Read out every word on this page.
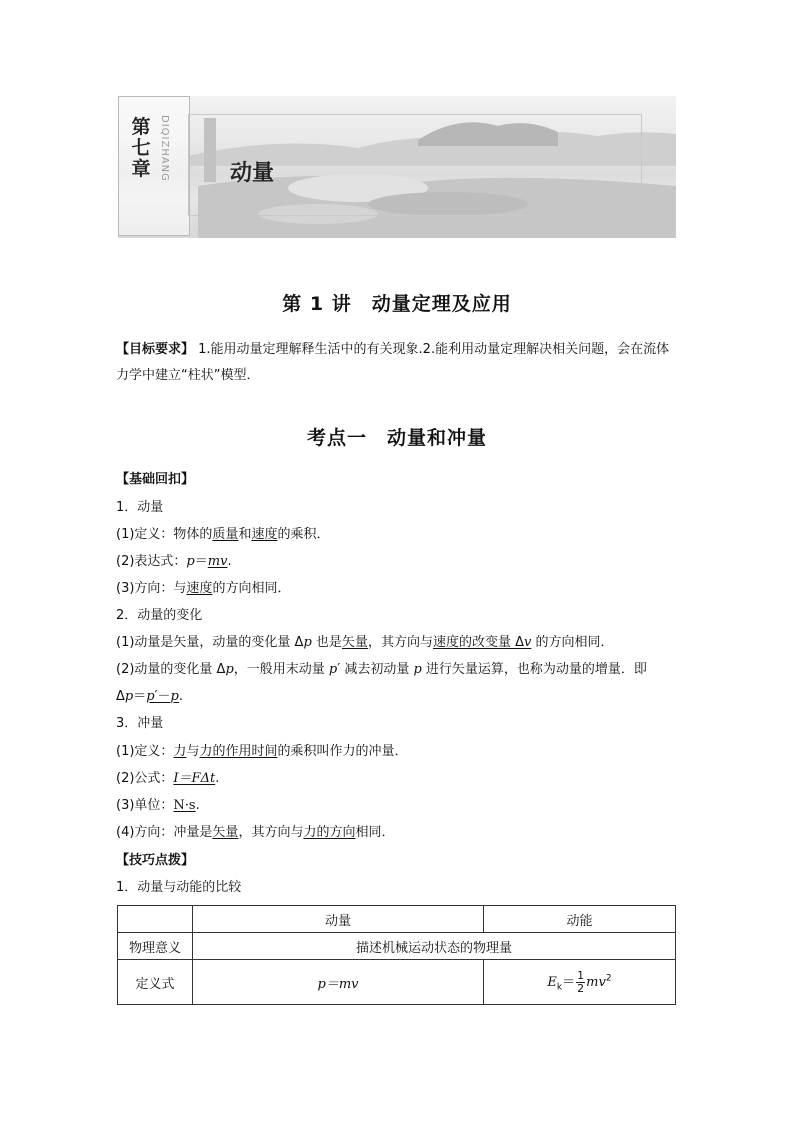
第
七
章 DIQIZHANG	动量
第 1 讲　动量定理及应用
【目标要求】 1.能用动量定理解释生活中的有关现象.2.能利用动量定理解决相关问题，会在流体力学中建立“柱状”模型．
考点一　动量和冲量
【基础回扣】
1．动量
(1)定义：物体的质量和速度的乘积．
(2)表达式：p＝mv.
(3)方向：与速度的方向相同．
2．动量的变化
(1)动量是矢量，动量的变化量 Δp 也是矢量，其方向与速度的改变量 Δv 的方向相同．
(2)动量的变化量 Δp，一般用末动量 p′ 减去初动量 p 进行矢量运算，也称为动量的增量．即
Δp＝p′－p.
3．冲量
(1)定义：力与力的作用时间的乘积叫作力的冲量．
(2)公式：I＝FΔt.
(3)单位：N·s.
(4)方向：冲量是矢量，其方向与力的方向相同．
【技巧点拨】
1．动量与动能的比较
	动量	动能
物理意义	描述机械运动状态的物理量	
定义式	p＝mv	$E_k= \frac{1}{2} mv^2$
